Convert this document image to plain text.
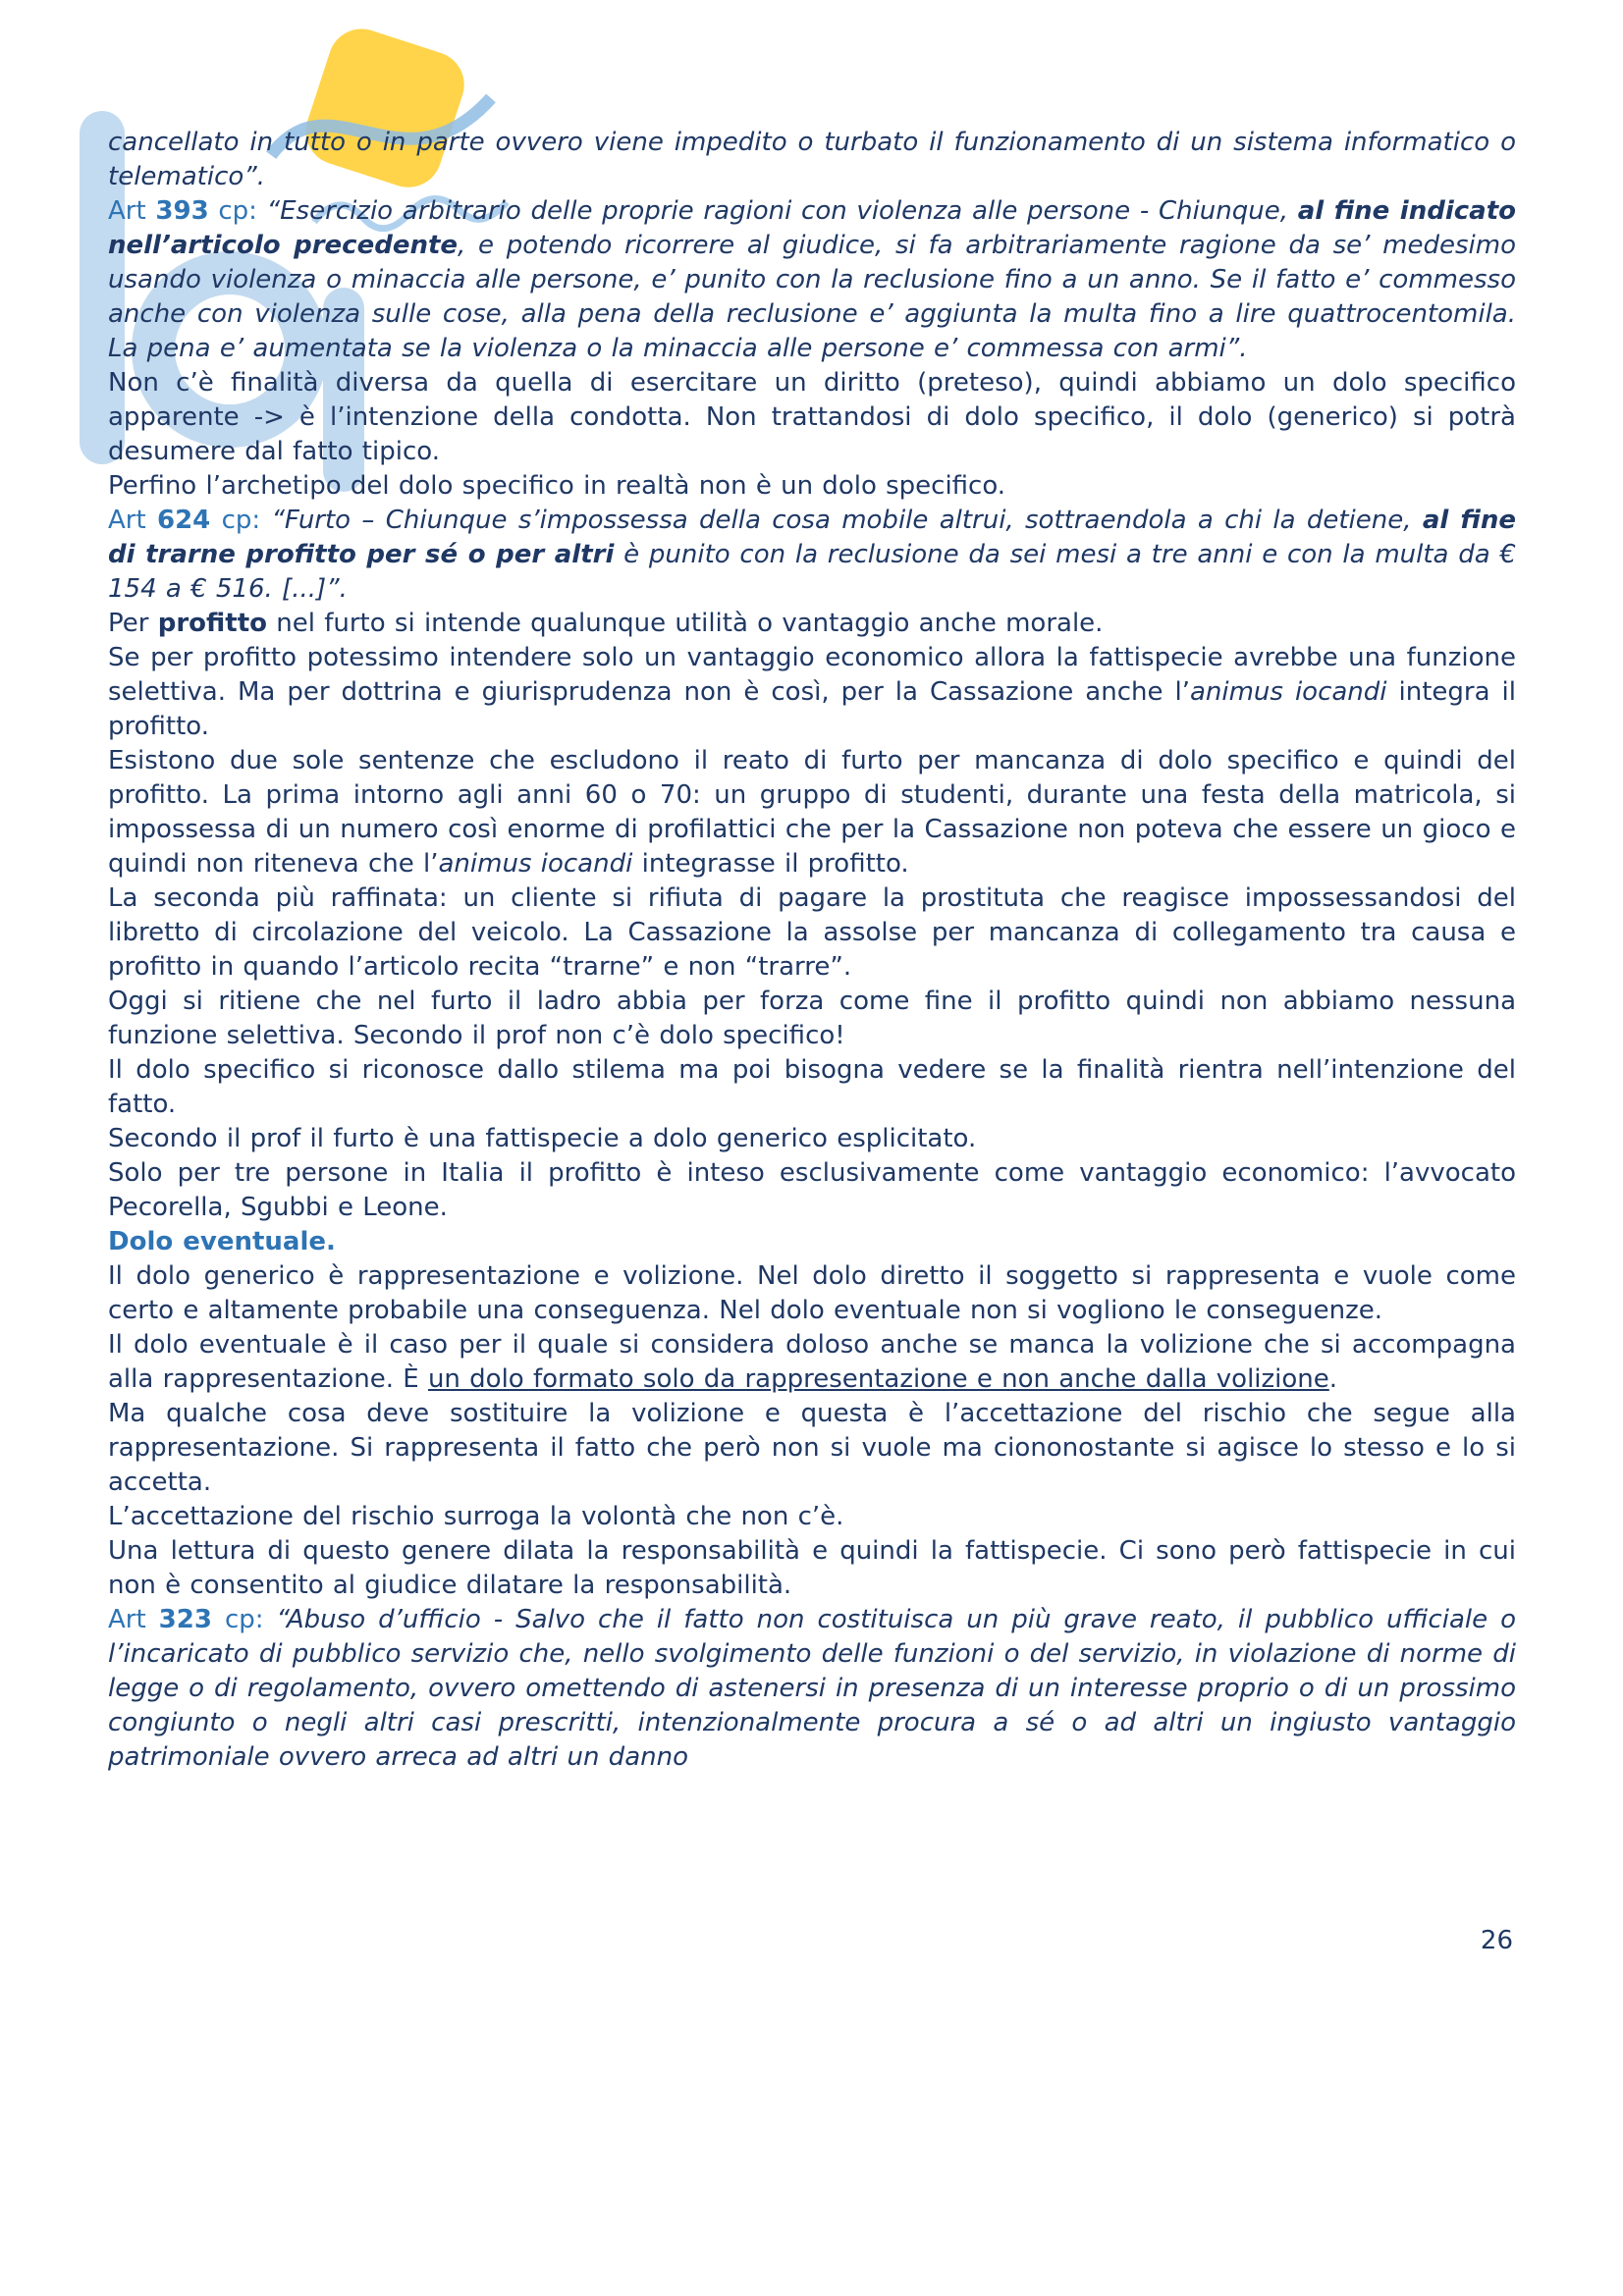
cancellato in tutto o in parte ovvero viene impedito o turbato il funzionamento di un sistema informatico o telematico”.

Art 393 cp: “Esercizio arbitrario delle proprie ragioni con violenza alle persone - Chiunque, al fine indicato nell’articolo precedente, e potendo ricorrere al giudice, si fa arbitrariamente ragione da se’ medesimo usando violenza o minaccia alle persone, e’ punito con la reclusione fino a un anno. Se il fatto e’ commesso anche con violenza sulle cose, alla pena della reclusione e’ aggiunta la multa fino a lire quattrocentomila. La pena e’ aumentata se la violenza o la minaccia alle persone e’ commessa con armi”.

Non c’è finalità diversa da quella di esercitare un diritto (preteso), quindi abbiamo un dolo specifico apparente -> è l’intenzione della condotta. Non trattandosi di dolo specifico, il dolo (generico) si potrà desumere dal fatto tipico.

Perfino l’archetipo del dolo specifico in realtà non è un dolo specifico.

Art 624 cp: “Furto – Chiunque s’impossessa della cosa mobile altrui, sottraendola a chi la detiene, al fine di trarne profitto per sé o per altri è punito con la reclusione da sei mesi a tre anni e con la multa da € 154 a € 516. [...]”.

Per profitto nel furto si intende qualunque utilità o vantaggio anche morale.

Se per profitto potessimo intendere solo un vantaggio economico allora la fattispecie avrebbe una funzione selettiva. Ma per dottrina e giurisprudenza non è così, per la Cassazione anche l’animus iocandi integra il profitto.

Esistono due sole sentenze che escludono il reato di furto per mancanza di dolo specifico e quindi del profitto. La prima intorno agli anni 60 o 70: un gruppo di studenti, durante una festa della matricola, si impossessa di un numero così enorme di profilattici che per la Cassazione non poteva che essere un gioco e quindi non riteneva che l’animus iocandi integrasse il profitto.

La seconda più raffinata: un cliente si rifiuta di pagare la prostituta che reagisce impossessandosi del libretto di circolazione del veicolo. La Cassazione la assolse per mancanza di collegamento tra causa e profitto in quando l’articolo recita “trarne” e non “trarre”.

Oggi si ritiene che nel furto il ladro abbia per forza come fine il profitto quindi non abbiamo nessuna funzione selettiva. Secondo il prof non c’è dolo specifico!

Il dolo specifico si riconosce dallo stilema ma poi bisogna vedere se la finalità rientra nell’intenzione del fatto.

Secondo il prof il furto è una fattispecie a dolo generico esplicitato.

Solo per tre persone in Italia il profitto è inteso esclusivamente come vantaggio economico: l’avvocato Pecorella, Sgubbi e Leone.

Dolo eventuale.

Il dolo generico è rappresentazione e volizione. Nel dolo diretto il soggetto si rappresenta e vuole come certo e altamente probabile una conseguenza. Nel dolo eventuale non si vogliono le conseguenze.

Il dolo eventuale è il caso per il quale si considera doloso anche se manca la volizione che si accompagna alla rappresentazione. È un dolo formato solo da rappresentazione e non anche dalla volizione.

Ma qualche cosa deve sostituire la volizione e questa è l’accettazione del rischio che segue alla rappresentazione. Si rappresenta il fatto che però non si vuole ma ciononostante si agisce lo stesso e lo si accetta.

L’accettazione del rischio surroga la volontà che non c’è.

Una lettura di questo genere dilata la responsabilità e quindi la fattispecie. Ci sono però fattispecie in cui non è consentito al giudice dilatare la responsabilità.

Art 323 cp: “Abuso d’ufficio - Salvo che il fatto non costituisca un più grave reato, il pubblico ufficiale o l’incaricato di pubblico servizio che, nello svolgimento delle funzioni o del servizio, in violazione di norme di legge o di regolamento, ovvero omettendo di astenersi in presenza di un interesse proprio o di un prossimo congiunto o negli altri casi prescritti, intenzionalmente procura a sé o ad altri un ingiusto vantaggio patrimoniale ovvero arreca ad altri un danno

26
